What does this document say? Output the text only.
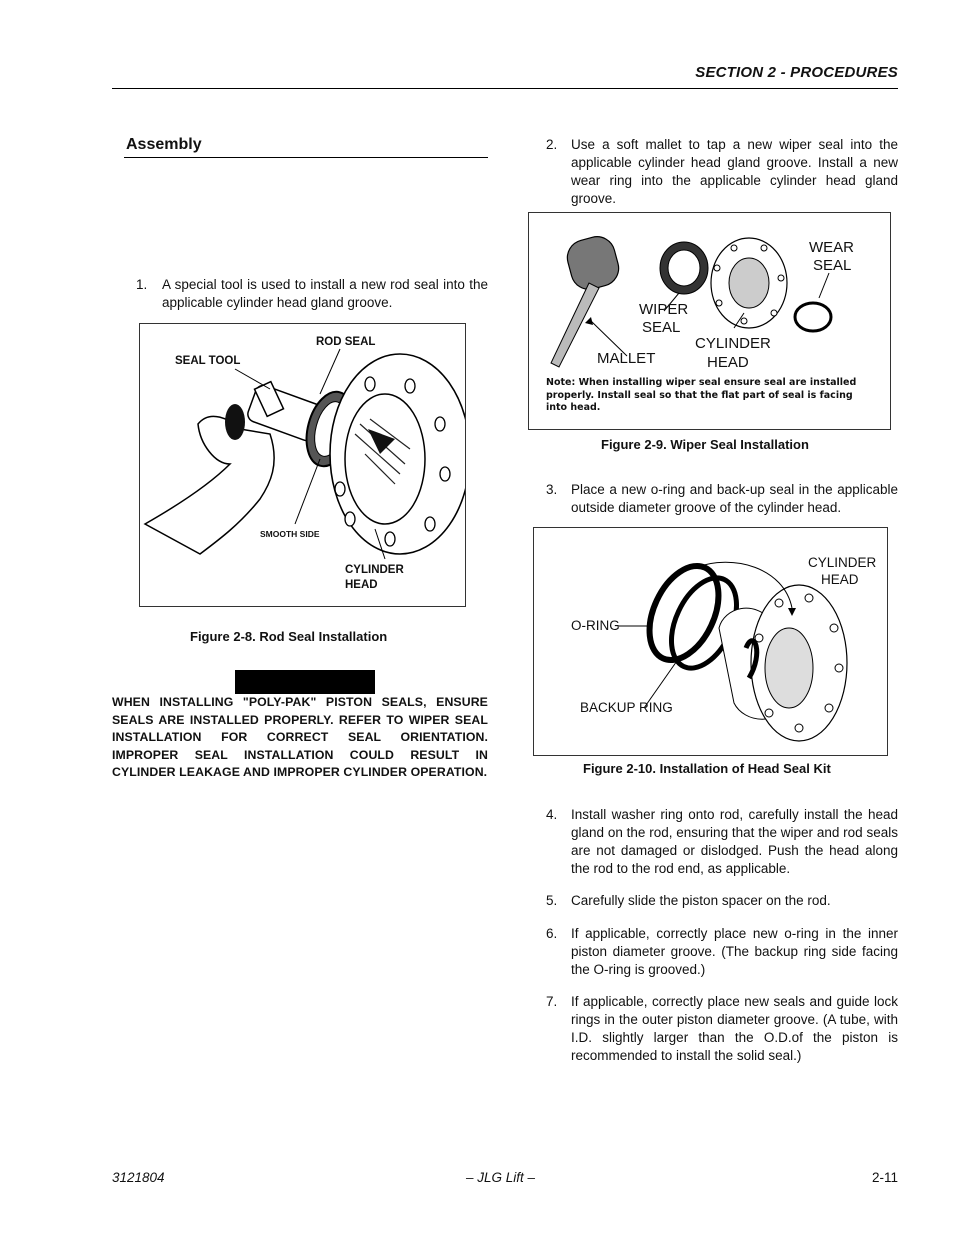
SECTION 2 - PROCEDURES
Assembly
1.	A special tool is used to install a new rod seal into the applicable cylinder head gland groove.
SEAL TOOL
ROD SEAL
SMOOTH SIDE
CYLINDER
HEAD
Figure 2-8. Rod Seal Installation
WHEN INSTALLING "POLY-PAK" PISTON SEALS, ENSURE SEALS ARE INSTALLED PROPERLY. REFER TO WIPER SEAL INSTALLATION FOR CORRECT SEAL ORIENTATION. IMPROPER SEAL INSTALLATION COULD RESULT IN CYLINDER LEAKAGE AND IMPROPER CYLINDER OPERATION.
2.	Use a soft mallet to tap a new wiper seal into the applicable cylinder head gland groove. Install a new wear ring into the applicable cylinder head gland groove.
WEAR
SEAL
WIPER
SEAL
CYLINDER
HEAD
MALLET
Note: When installing wiper seal ensure seal are installed
properly. Install seal so that the flat part of seal is facing
into head.
Figure 2-9. Wiper Seal Installation
3.	Place a new o-ring and back-up seal in the applicable outside diameter groove of the cylinder head.
CYLINDER
HEAD
O-RING
BACKUP RING
Figure 2-10. Installation of Head Seal Kit
4.	Install washer ring onto rod, carefully install the head gland on the rod, ensuring that the wiper and rod seals are not damaged or dislodged. Push the head along the rod to the rod end, as applicable.
5.	Carefully slide the piston spacer on the rod.
6.	If applicable, correctly place new o-ring in the inner piston diameter groove. (The backup ring side facing the O-ring is grooved.)
7.	If applicable, correctly place new seals and guide lock rings in the outer piston diameter groove. (A tube, with I.D. slightly larger than the O.D.of the piston is recommended to install the solid seal.)
3121804	– JLG Lift –	2-11
